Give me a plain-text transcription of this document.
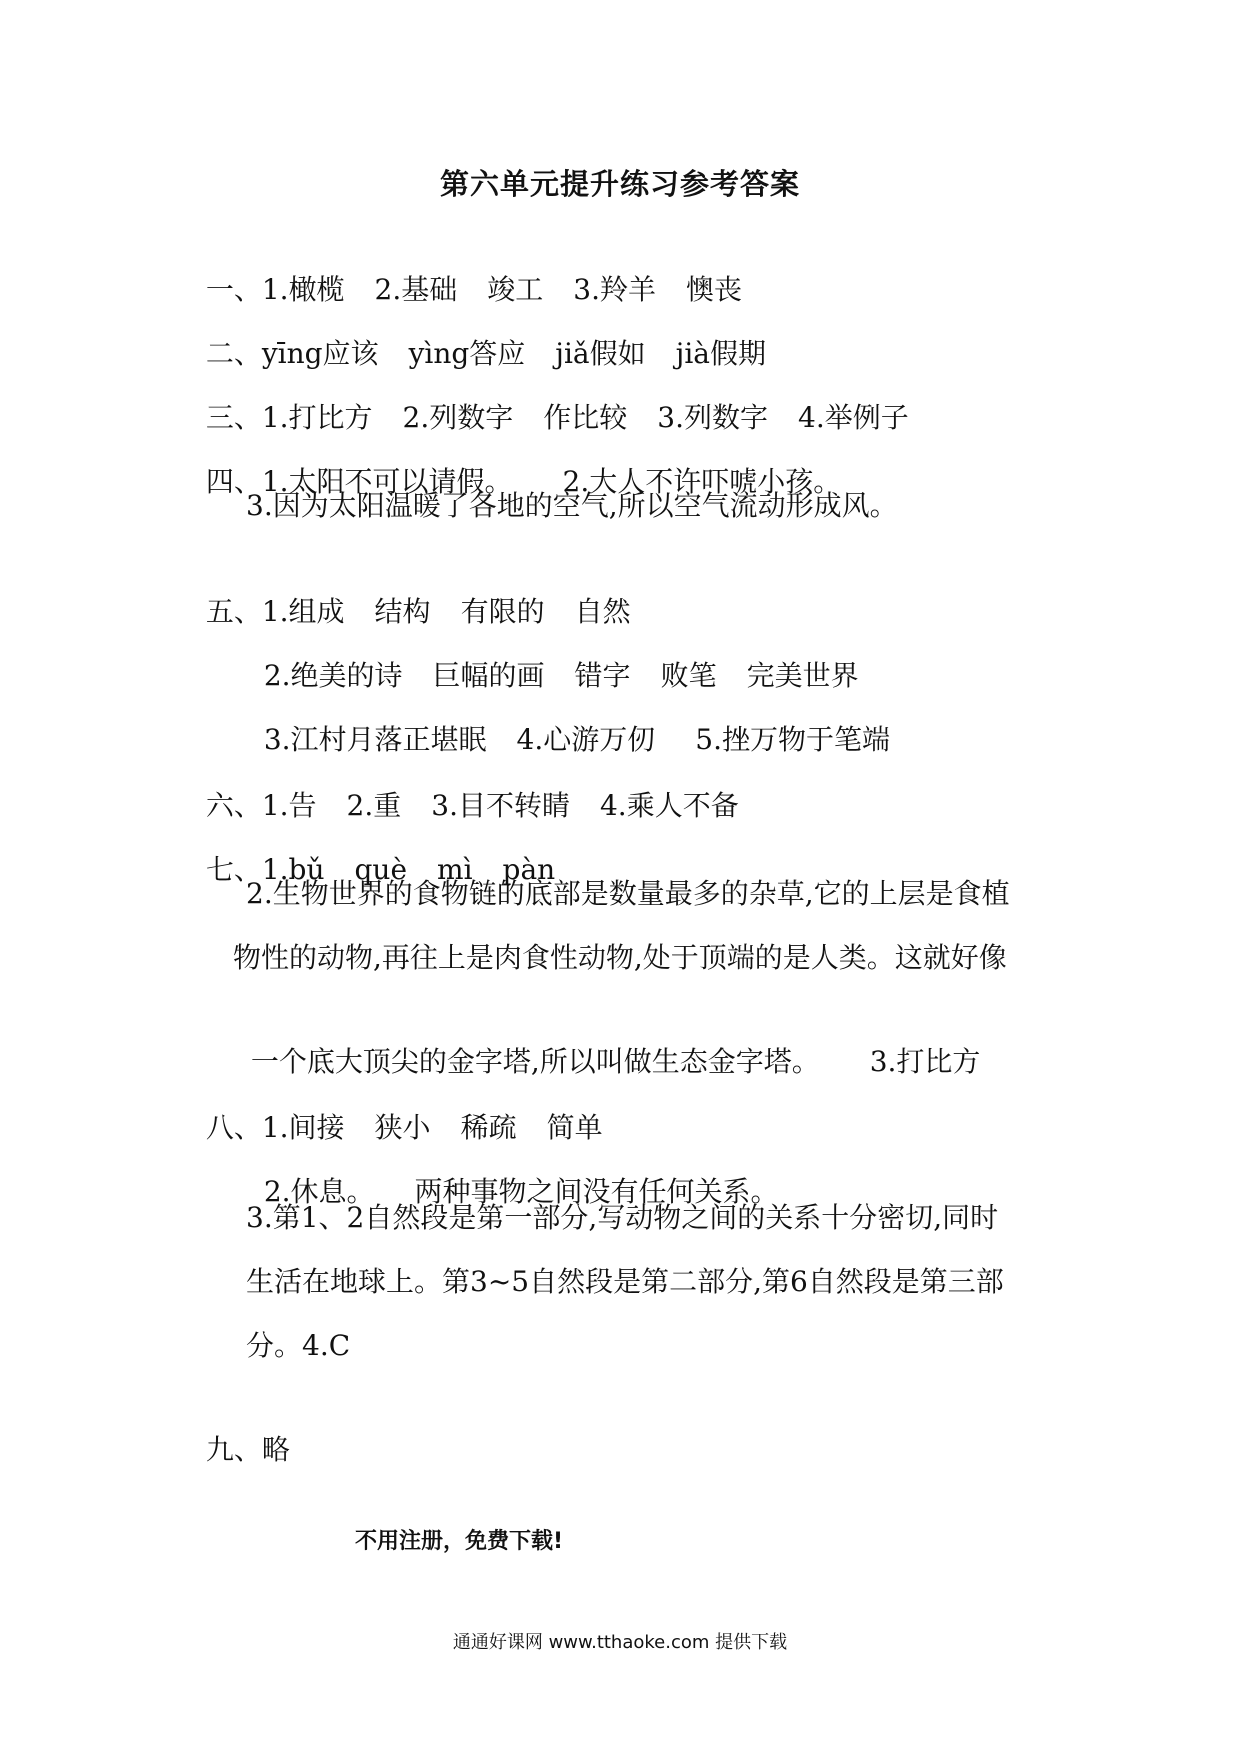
第六单元提升练习参考答案

一、1.橄榄 2.基础 竣工 3.羚羊 懊丧

二、yīng应该 yìng答应 jiǎ假如 jià假期

三、1.打比方 2.列数字 作比较 3.列数字 4.举例子

四、1.太阳不可以请假。 2.大人不许吓唬小孩。

3.因为太阳温暖了各地的空气,所以空气流动形成风。

五、1.组成 结构 有限的 自然

2.绝美的诗 巨幅的画 错字 败笔 完美世界

3.江村月落正堪眠 4.心游万仞 5.挫万物于笔端

六、1.告 2.重 3.目不转睛 4.乘人不备

七、1.bǔ què mì pàn

2.生物世界的食物链的底部是数量最多的杂草,它的上层是食植
物性的动物,再往上是肉食性动物,处于顶端的是人类。这就好像

一个底大顶尖的金字塔,所以叫做生态金字塔。 3.打比方

八、1.间接 狭小 稀疏 简单

2.休息。 两种事物之间没有任何关系。

3.第1、2自然段是第一部分,写动物之间的关系十分密切,同时
生活在地球上。第3~5自然段是第二部分,第6自然段是第三部
分。4.C

九、略

不用注册，免费下载!
通通好课网 www.tthaoke.com 提供下载
